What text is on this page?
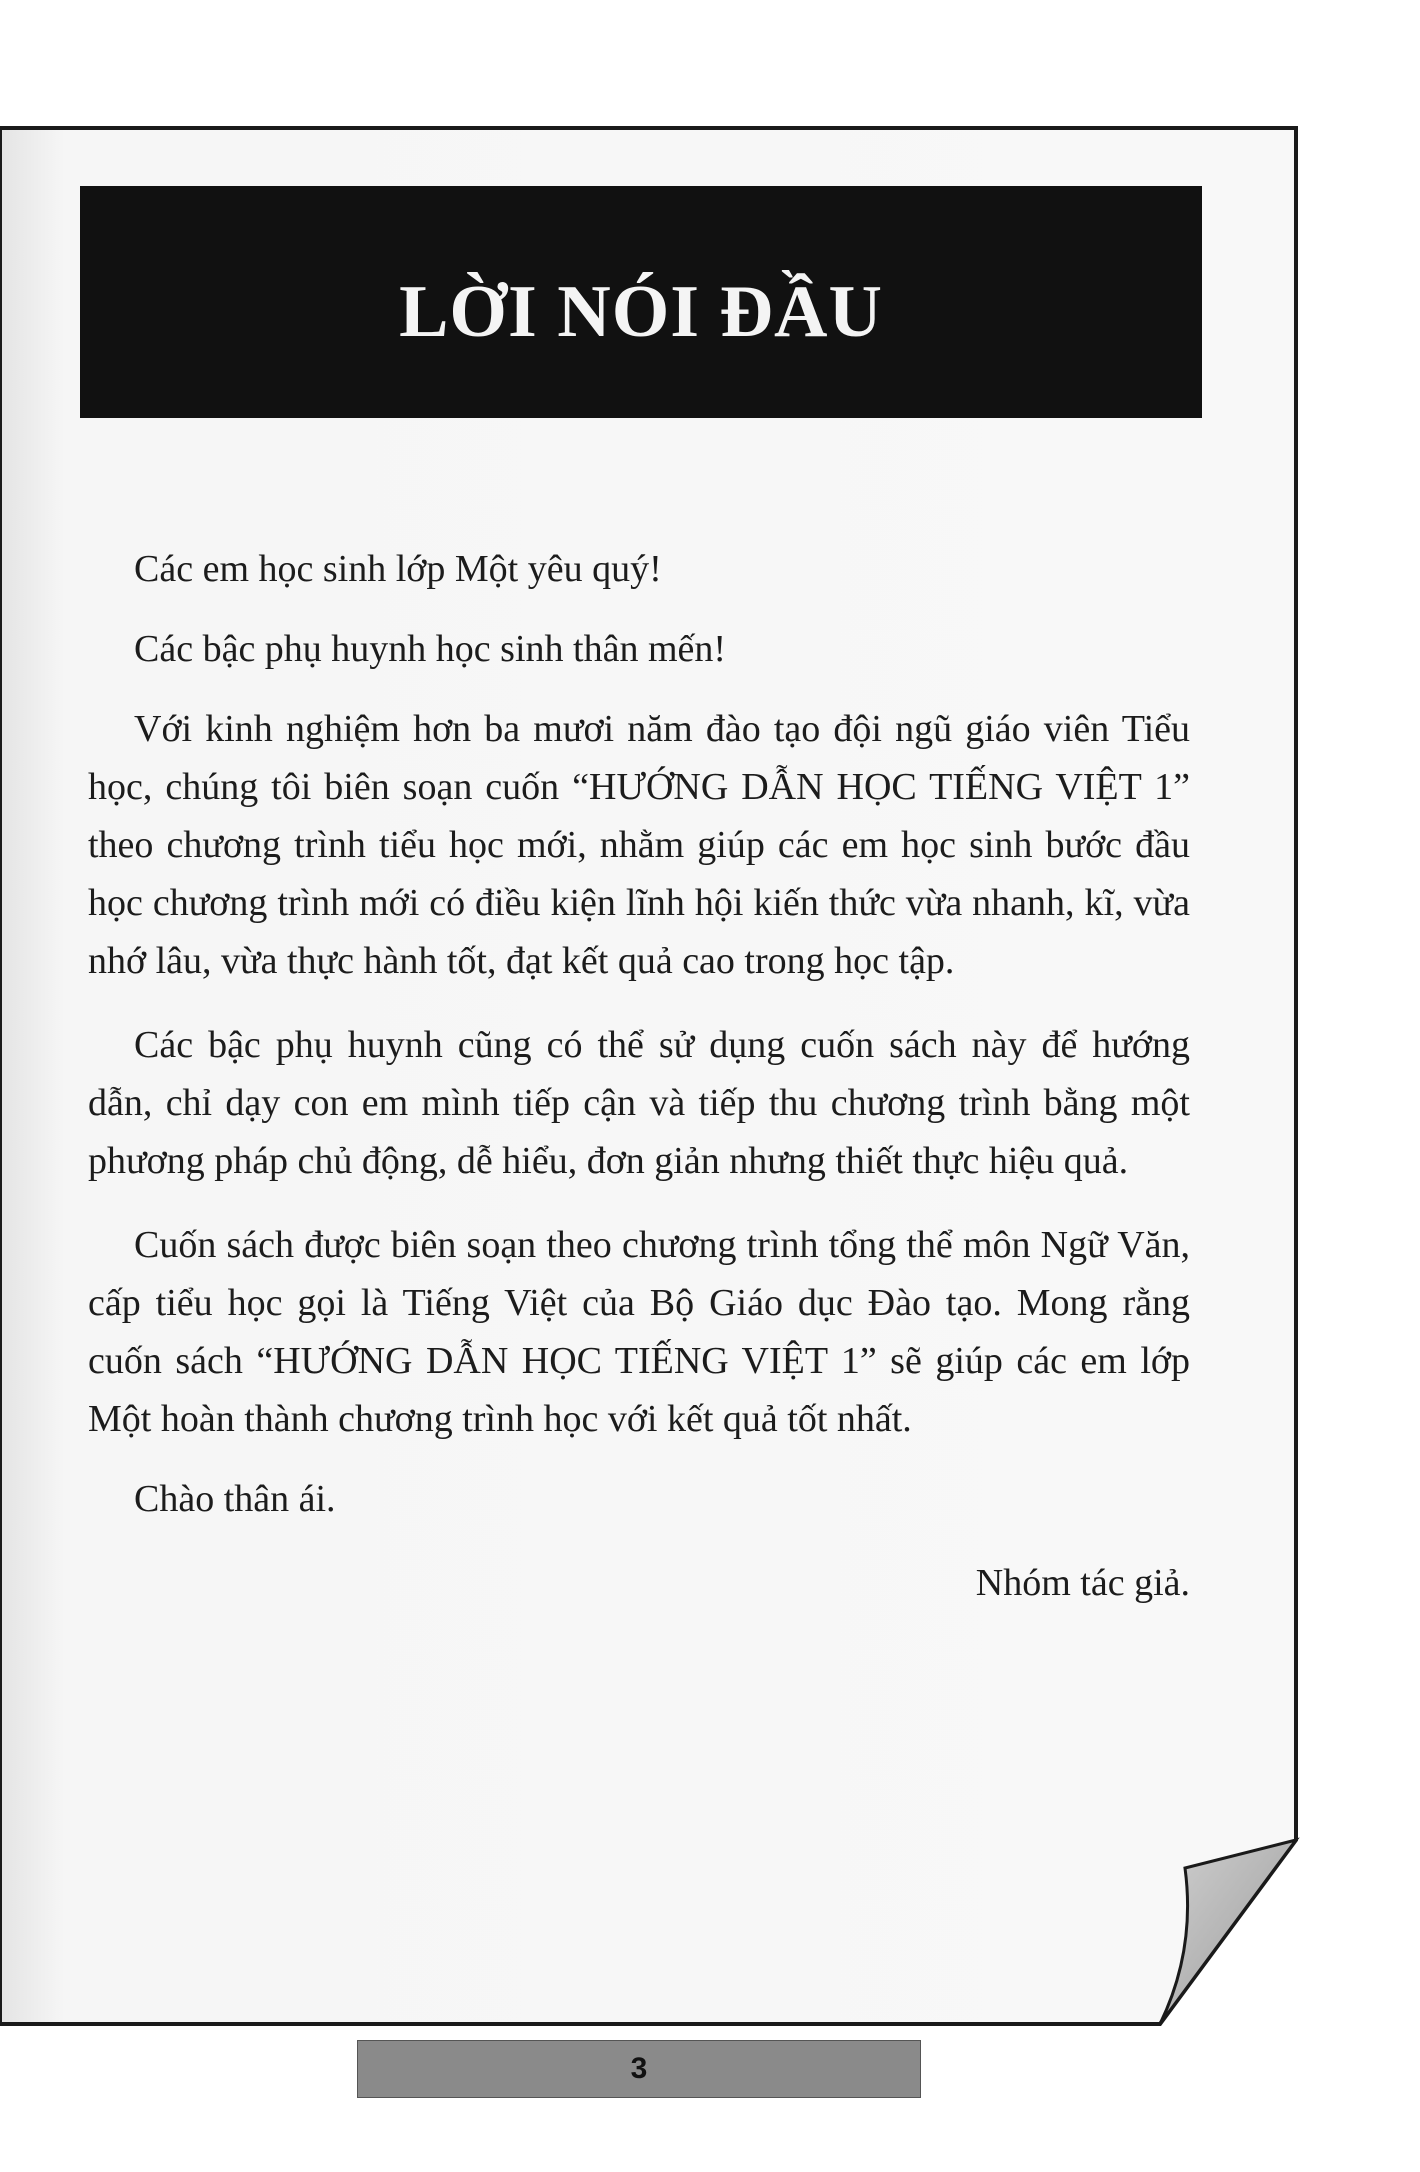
LỜI NÓI ĐẦU

Các em học sinh lớp Một yêu quý!

Các bậc phụ huynh học sinh thân mến!

Với kinh nghiệm hơn ba mươi năm đào tạo đội ngũ giáo viên Tiểu học, chúng tôi biên soạn cuốn “HƯỚNG DẪN HỌC TIẾNG VIỆT 1” theo chương trình tiểu học mới, nhằm giúp các em học sinh bước đầu học chương trình mới có điều kiện lĩnh hội kiến thức vừa nhanh, kĩ, vừa nhớ lâu, vừa thực hành tốt, đạt kết quả cao trong học tập.

Các bậc phụ huynh cũng có thể sử dụng cuốn sách này để hướng dẫn, chỉ dạy con em mình tiếp cận và tiếp thu chương trình bằng một phương pháp chủ động, dễ hiểu, đơn giản nhưng thiết thực hiệu quả.

Cuốn sách được biên soạn theo chương trình tổng thể môn Ngữ Văn, cấp tiểu học gọi là Tiếng Việt của Bộ Giáo dục Đào tạo. Mong rằng cuốn sách “HƯỚNG DẪN HỌC TIẾNG VIỆT 1” sẽ giúp các em lớp Một hoàn thành chương trình học với kết quả tốt nhất.

Chào thân ái.

Nhóm tác giả.

3
